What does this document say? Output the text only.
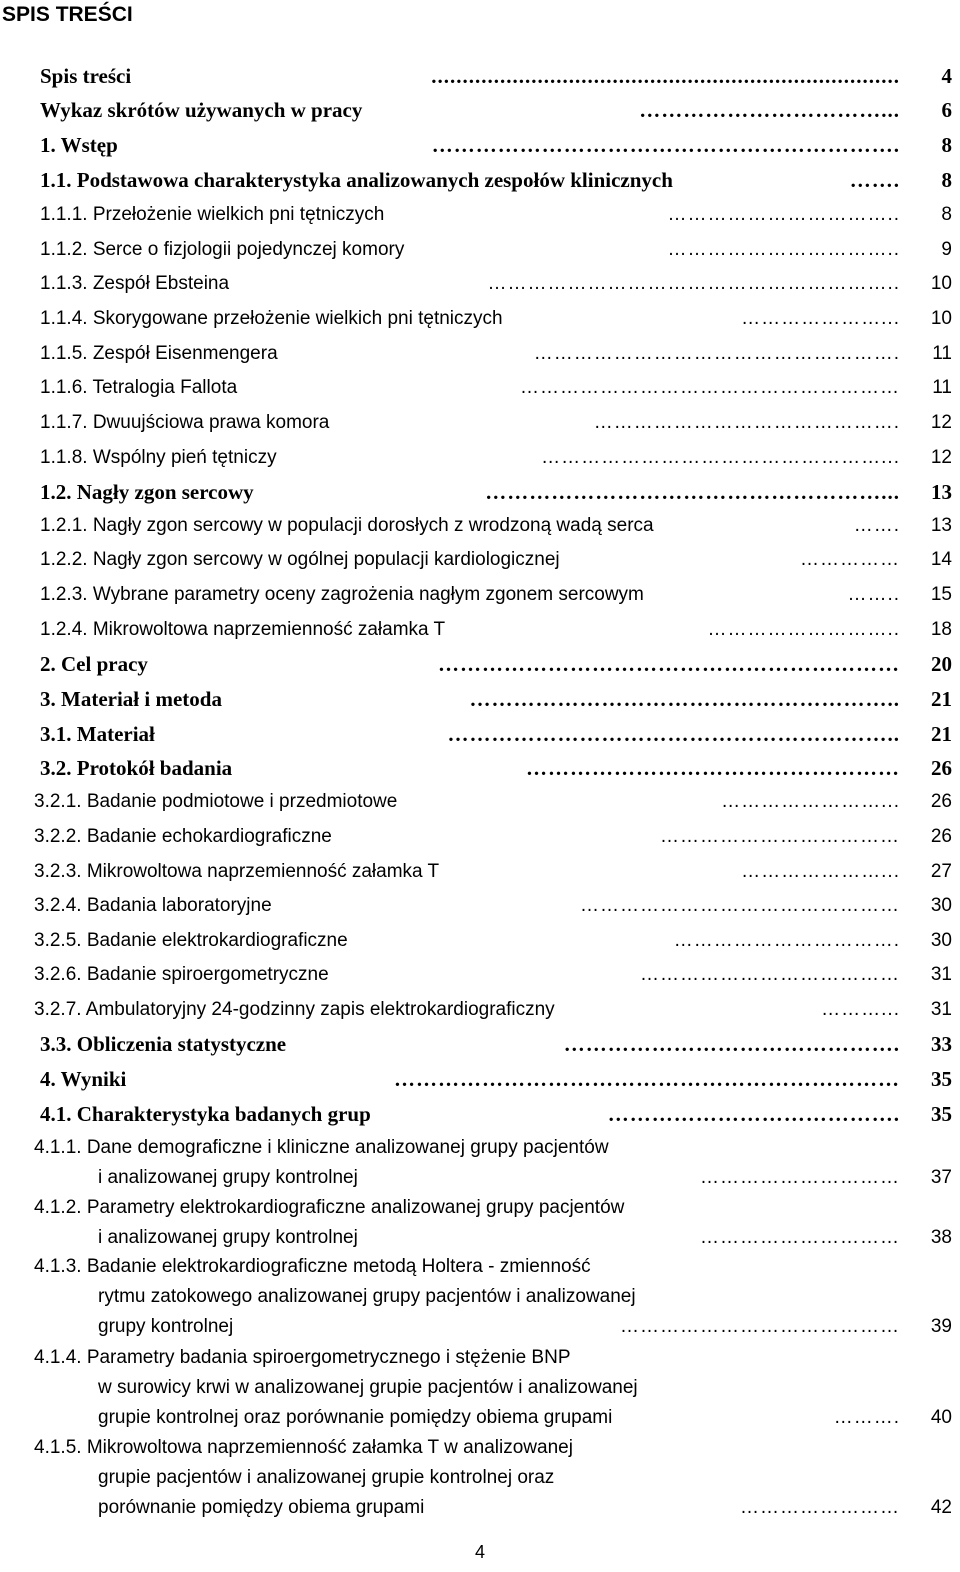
SPIS TREŚCI
Spis treści	...........................................................................	4
Wykaz skrótów używanych w pracy	……………………………...	6
1. Wstęp	……………………………………………………….	8
1.1. Podstawowa charakterystyka analizowanych zespołów klinicznych	…….	8
1.1.1. Przełożenie wielkich pni tętniczych	……………………………..	8
1.1.2. Serce o fizjologii pojedynczej komory	……………………………..	9
1.1.3. Zespół Ebsteina	……………………………………………………..	10
1.1.4. Skorygowane przełożenie wielkich pni tętniczych	…………………...	10
1.1.5. Zespół Eisenmengera	……………………………………………….	11
1.1.6. Tetralogia Fallota	…………………………………………………	11
1.1.7. Dwuujściowa prawa komora	……………………………………….	12
1.1.8. Wspólny pień tętniczy	……………………………………………...	12
1.2. Nagły zgon sercowy	………………………………………………...	13
1.2.1. Nagły zgon sercowy w populacji dorosłych z wrodzoną wadą serca	…….	13
1.2.2. Nagły zgon sercowy w ogólnej populacji kardiologicznej	……………	14
1.2.3. Wybrane parametry oceny zagrożenia nagłym zgonem sercowym	……..	15
1.2.4. Mikrowoltowa naprzemienność załamka T	………………………..	18
2. Cel pracy	………………………………………………………	20
3. Materiał i metoda	…………………………………………………..	21
3.1. Materiał	……………………………………………………..	21
3.2. Protokół badania	……………………………………………	26
3.2.1. Badanie podmiotowe i przedmiotowe	……………………...	26
3.2.2. Badanie echokardiograficzne	………………………………	26
3.2.3. Mikrowoltowa naprzemienność załamka T	…………………...	27
3.2.4. Badania laboratoryjne	…………………………………………	30
3.2.5. Badanie elektrokardiograficzne	…………………………….	30
3.2.6. Badanie spiroergometryczne	…………………………………	31
3.2.7. Ambulatoryjny 24-godzinny zapis elektrokardiograficzny	………...	31
3.3. Obliczenia statystyczne	……………………………………….	33
4. Wyniki	……………………………………………………………	35
4.1. Charakterystyka badanych grup	………………………………….	35
4.1.1. Dane demograficzne i kliniczne analizowanej grupy pacjentów
i analizowanej grupy kontrolnej	…………………………	37
4.1.2. Parametry elektrokardiograficzne analizowanej grupy pacjentów
i analizowanej grupy kontrolnej	…………………………	38
4.1.3. Badanie elektrokardiograficzne metodą Holtera - zmienność
rytmu zatokowego analizowanej grupy pacjentów i analizowanej
grupy kontrolnej	……………………………………	39
4.1.4. Parametry badania spiroergometrycznego i stężenie BNP
w surowicy krwi w analizowanej grupie pacjentów i analizowanej
grupie kontrolnej oraz porównanie pomiędzy obiema grupami	……….	40
4.1.5. Mikrowoltowa naprzemienność załamka T w analizowanej
grupie pacjentów i analizowanej grupie kontrolnej oraz
porównanie pomiędzy obiema grupami	……………………	42
4
